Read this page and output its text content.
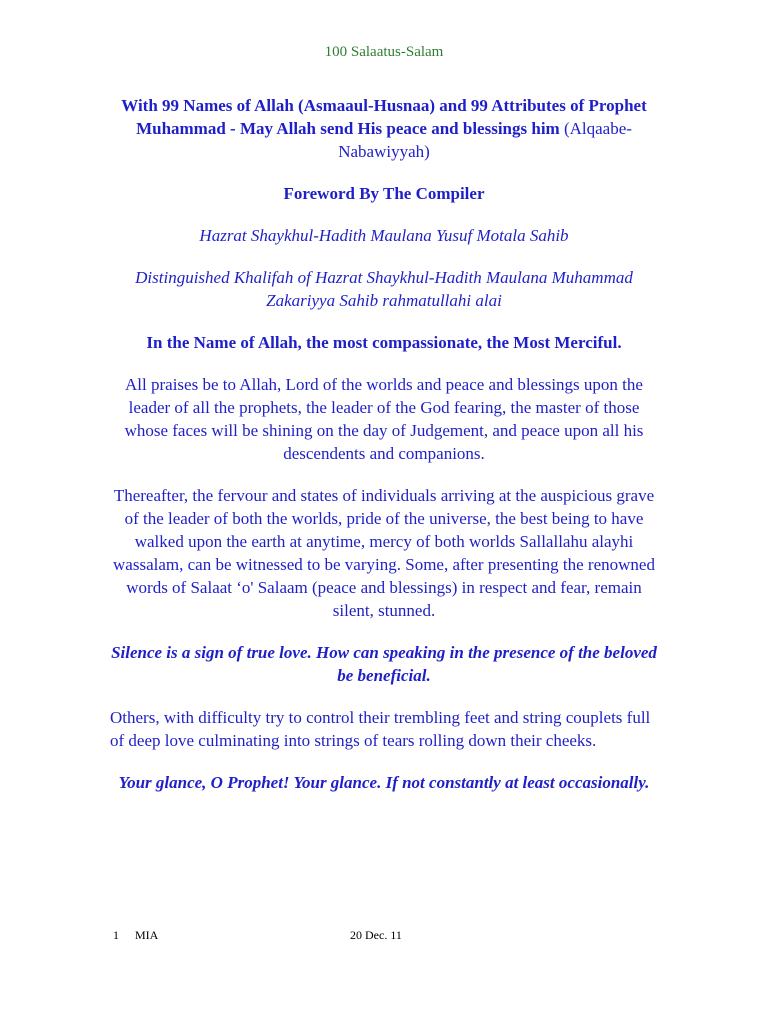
100 Salaatus-Salam

With 99 Names of Allah (Asmaaul-Husnaa) and 99 Attributes of Prophet Muhammad - May Allah send His peace and blessings him (Alqaabe-Nabawiyyah)

Foreword By The Compiler

Hazrat Shaykhul-Hadith Maulana Yusuf Motala Sahib

Distinguished Khalifah of Hazrat Shaykhul-Hadith Maulana Muhammad Zakariyya Sahib rahmatullahi alai

In the Name of Allah, the most compassionate, the Most Merciful.

All praises be to Allah, Lord of the worlds and peace and blessings upon the leader of all the prophets, the leader of the God fearing, the master of those whose faces will be shining on the day of Judgement, and peace upon all his descendents and companions.

Thereafter, the fervour and states of individuals arriving at the auspicious grave of the leader of both the worlds, pride of the universe, the best being to have walked upon the earth at anytime, mercy of both worlds Sallallahu alayhi wassalam, can be witnessed to be varying. Some, after presenting the renowned words of Salaat ‘o' Salaam (peace and blessings) in respect and fear, remain silent, stunned.

Silence is a sign of true love. How can speaking in the presence of the beloved be beneficial.

Others, with difficulty try to control their trembling feet and string couplets full of deep love culminating into strings of tears rolling down their cheeks.

Your glance, O Prophet! Your glance. If not constantly at least occasionally.

1 MIA	20 Dec. 11
